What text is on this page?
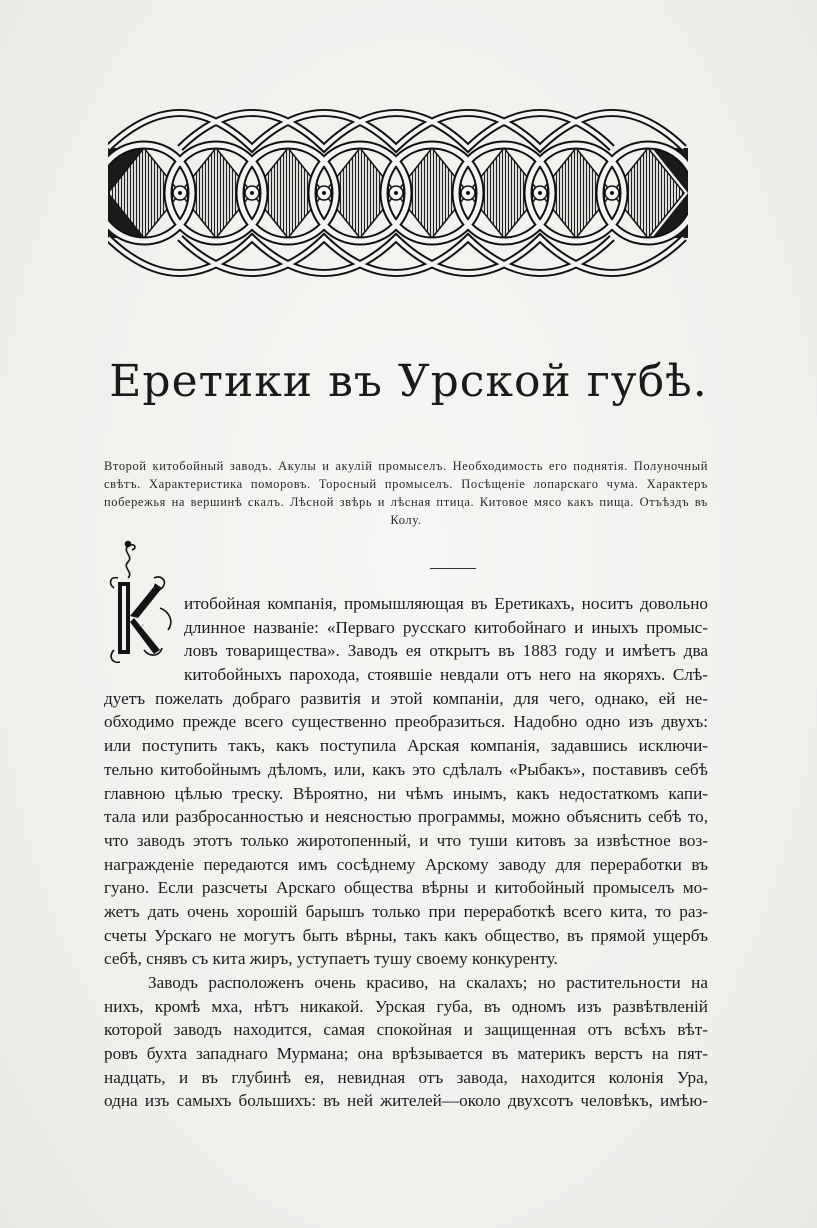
Еретики въ Урской губѣ.

Второй китобойный заводъ. Акулы и акулій промыселъ. Необходимость его поднятія. Полуночный свѣтъ. Характеристика поморовъ. Торосный промыселъ. Посѣщеніе лопарскаго чума. Характеръ побережья на вершинѣ скалъ. Лѣсной звѣрь и лѣсная птица. Китовое мясо какъ пища. Отъѣздъ въ Колу.

К
итобойная компанія, промышляющая въ Еретикахъ, носитъ довольно
длинное названіе: «Перваго русскаго китобойнаго и иныхъ промыс-
ловъ товарищества». Заводъ ея открытъ въ 1883 году и имѣетъ два
китобойныхъ парохода, стоявшіе невдали отъ него на якоряхъ. Слѣ-
дуетъ пожелать добраго развитія и этой компаніи, для чего, однако, ей не-
обходимо прежде всего существенно преобразиться. Надобно одно изъ двухъ:
или поступить такъ, какъ поступила Арская компанія, задавшись исключи-
тельно китобойнымъ дѣломъ, или, какъ это сдѣлалъ «Рыбакъ», поставивъ себѣ
главною цѣлью треску. Вѣроятно, ни чѣмъ инымъ, какъ недостаткомъ капи-
тала или разбросанностью и неясностью программы, можно объяснить себѣ то,
что заводъ этотъ только жиротопенный, и что туши китовъ за извѣстное воз-
награжденіе передаются имъ сосѣднему Арскому заводу для переработки въ
гуано. Если разсчеты Арскаго общества вѣрны и китобойный промыселъ мо-
жетъ дать очень хорошій барышъ только при переработкѣ всего кита, то раз-
счеты Урскаго не могутъ быть вѣрны, такъ какъ общество, въ прямой ущербъ
себѣ, снявъ съ кита жиръ, уступаетъ тушу своему конкуренту.
Заводъ расположенъ очень красиво, на скалахъ; но растительности на
нихъ, кромѣ мха, нѣтъ никакой. Урская губа, въ одномъ изъ развѣтвленій
которой заводъ находится, самая спокойная и защищенная отъ всѣхъ вѣт-
ровъ бухта западнаго Мурмана; она врѣзывается въ материкъ верстъ на пят-
надцать, и въ глубинѣ ея, невидная отъ завода, находится колонія Ура,
одна изъ самыхъ большихъ: въ ней жителей—около двухсотъ человѣкъ, имѣю-
